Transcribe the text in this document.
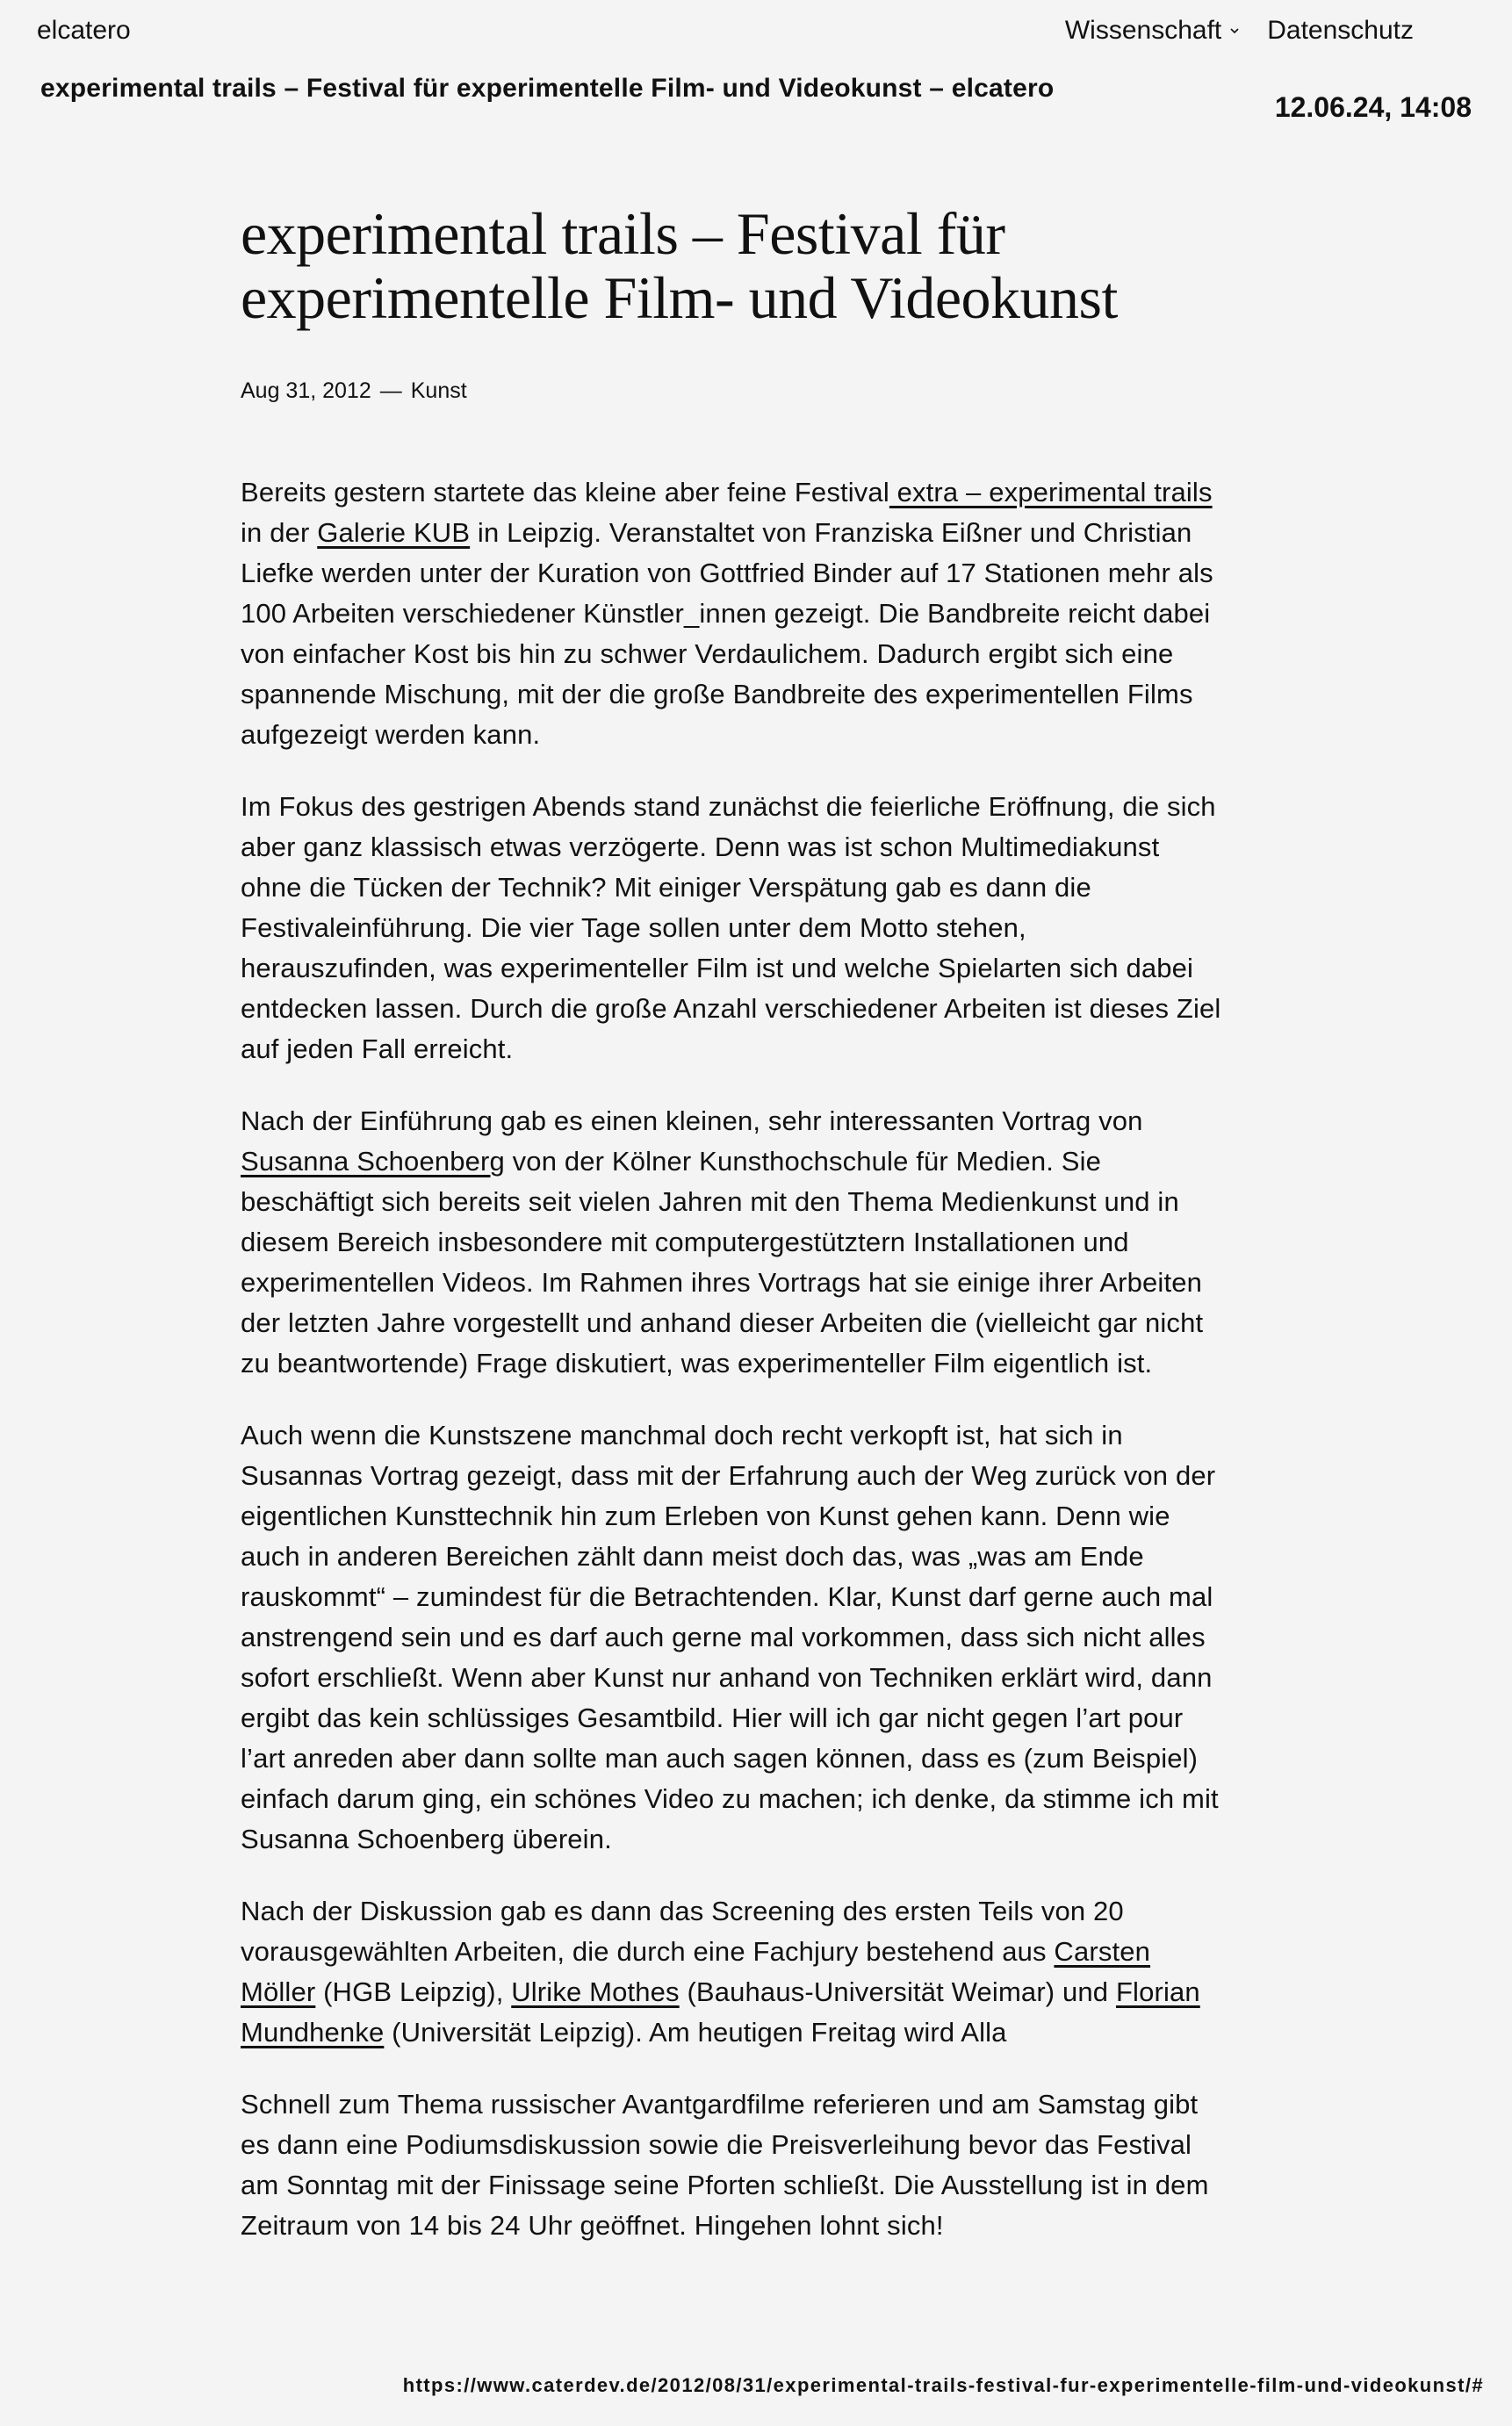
elcatero	Wissenschaft Datenschutz
experimental trails – Festival für experimentelle Film- und Videokunst – elcatero
12.06.24, 14:08
experimental trails – Festival für experimentelle Film- und Videokunst
Aug 31, 2012 — Kunst

Bereits gestern startete das kleine aber feine Festival extra – experimental trails in der Galerie KUB in Leipzig. Veranstaltet von Franziska Eißner und Christian Liefke werden unter der Kuration von Gottfried Binder auf 17 Stationen mehr als 100 Arbeiten verschiedener Künstler_innen gezeigt. Die Bandbreite reicht dabei von einfacher Kost bis hin zu schwer Verdaulichem. Dadurch ergibt sich eine spannende Mischung, mit der die große Bandbreite des experimentellen Films aufgezeigt werden kann.

Im Fokus des gestrigen Abends stand zunächst die feierliche Eröffnung, die sich aber ganz klassisch etwas verzögerte. Denn was ist schon Multimediakunst ohne die Tücken der Technik? Mit einiger Verspätung gab es dann die Festivaleinführung. Die vier Tage sollen unter dem Motto stehen, herauszufinden, was experimenteller Film ist und welche Spielarten sich dabei entdecken lassen. Durch die große Anzahl verschiedener Arbeiten ist dieses Ziel auf jeden Fall erreicht.

Nach der Einführung gab es einen kleinen, sehr interessanten Vortrag von Susanna Schoenberg von der Kölner Kunsthochschule für Medien. Sie beschäftigt sich bereits seit vielen Jahren mit den Thema Medienkunst und in diesem Bereich insbesondere mit computergestütztern Installationen und experimentellen Videos. Im Rahmen ihres Vortrags hat sie einige ihrer Arbeiten der letzten Jahre vorgestellt und anhand dieser Arbeiten die (vielleicht gar nicht zu beantwortende) Frage diskutiert, was experimenteller Film eigentlich ist.

Auch wenn die Kunstszene manchmal doch recht verkopft ist, hat sich in Susannas Vortrag gezeigt, dass mit der Erfahrung auch der Weg zurück von der eigentlichen Kunsttechnik hin zum Erleben von Kunst gehen kann. Denn wie auch in anderen Bereichen zählt dann meist doch das, was „was am Ende rauskommt“ – zumindest für die Betrachtenden. Klar, Kunst darf gerne auch mal anstrengend sein und es darf auch gerne mal vorkommen, dass sich nicht alles sofort erschließt. Wenn aber Kunst nur anhand von Techniken erklärt wird, dann ergibt das kein schlüssiges Gesamtbild. Hier will ich gar nicht gegen l’art pour l’art anreden aber dann sollte man auch sagen können, dass es (zum Beispiel) einfach darum ging, ein schönes Video zu machen; ich denke, da stimme ich mit Susanna Schoenberg überein.

Nach der Diskussion gab es dann das Screening des ersten Teils von 20 vorausgewählten Arbeiten, die durch eine Fachjury bestehend aus Carsten Möller (HGB Leipzig), Ulrike Mothes (Bauhaus-Universität Weimar) und Florian Mundhenke (Universität Leipzig). Am heutigen Freitag wird Alla

Schnell zum Thema russischer Avantgardfilme referieren und am Samstag gibt es dann eine Podiumsdiskussion sowie die Preisverleihung bevor das Festival am Sonntag mit der Finissage seine Pforten schließt. Die Ausstellung ist in dem Zeitraum von 14 bis 24 Uhr geöffnet. Hingehen lohnt sich!

https://www.caterdev.de/2012/08/31/experimental-trails-festival-fur-experimentelle-film-und-videokunst/#
